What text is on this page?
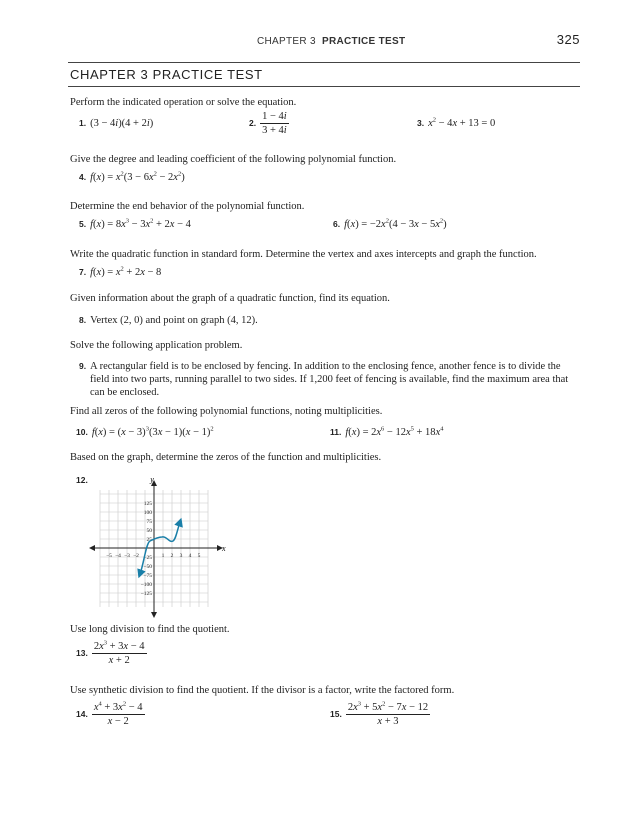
CHAPTER 3 PRACTICE TEST	325
CHAPTER 3 PRACTICE TEST
Perform the indicated operation or solve the equation.
1. (3 − 4i)(4 + 2i)	2. $\frac{1 - 4i}{3 + 4i}$	3. $x^2 - 4x + 13 = 0$
Give the degree and leading coefficient of the following polynomial function.
4. $f(x) = x^2(3 - 6x^2 - 2x^2)$
Determine the end behavior of the polynomial function.
5. $f(x) = 8x^3 - 3x^2 + 2x - 4$	6. $f(x) = -2x^2(4 - 3x - 5x^2)$
Write the quadratic function in standard form. Determine the vertex and axes intercepts and graph the function.
7. $f(x) = x^2 + 2x - 8$
Given information about the graph of a quadratic function, find its equation.
8. Vertex (2, 0) and point on graph (4, 12).
Solve the following application problem.
9. A rectangular field is to be enclosed by fencing. In addition to the enclosing fence, another fence is to divide the field into two parts, running parallel to two sides. If 1,200 feet of fencing is available, find the maximum area that can be enclosed.
Find all zeros of the following polynomial functions, noting multiplicities.
10. $f(x) = (x - 3)^3(3x - 1)(x - 1)^2$	11. $f(x) = 2x^6 - 12x^5 + 18x^4$
Based on the graph, determine the zeros of the function and multiplicities.
12.	y
x
−5 −4 −3 −2	1 2 3 4 5
125
100
75
50
25
−25
−50
−75
−100
−125
Use long division to find the quotient.
13. $\frac{2x^3 + 3x - 4}{x + 2}$
Use synthetic division to find the quotient. If the divisor is a factor, write the factored form.
14. $\frac{x^4 + 3x^2 - 4}{x - 2}$	15. $\frac{2x^3 + 5x^2 - 7x - 12}{x + 3}$
